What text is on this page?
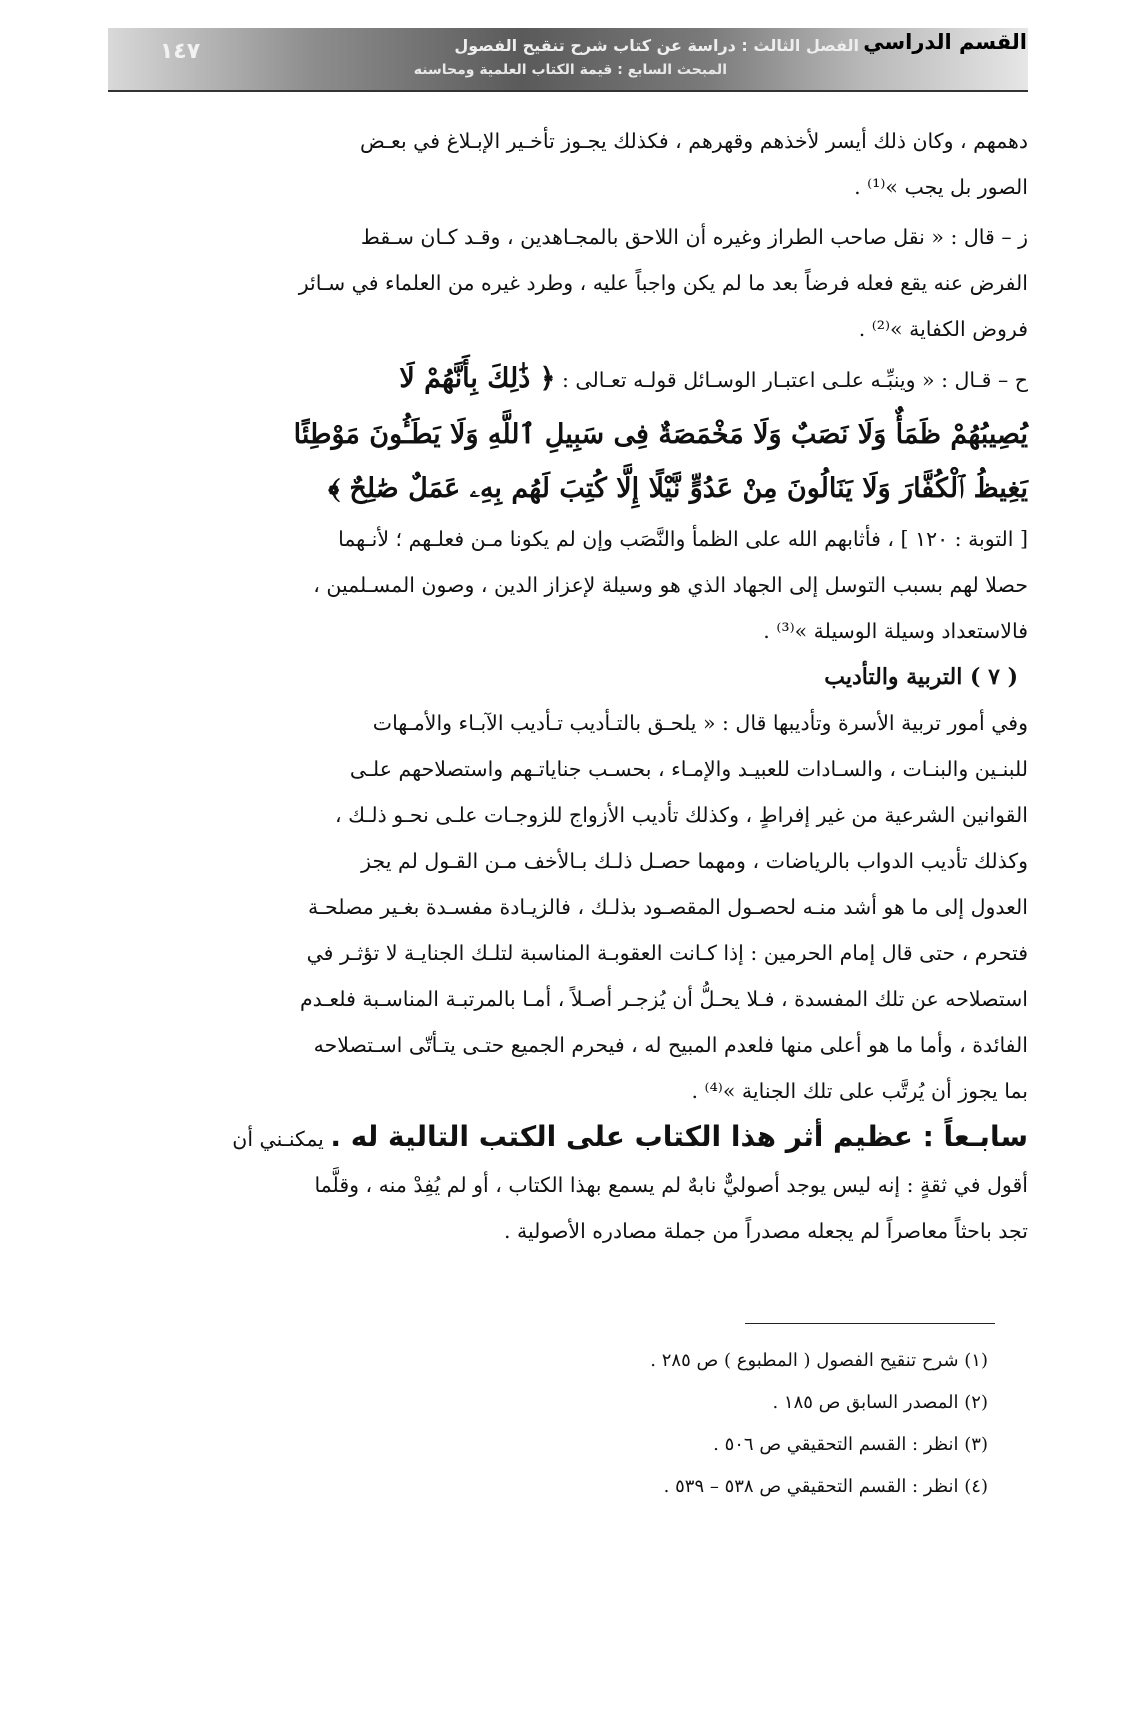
١٤٧	القسم الدراسي
الفصل الثالث : دراسة عن كتاب شرح تنقيح الفصول
المبحث السابع : قيمة الكتاب العلمية ومحاسنه

دهمهم ، وكان ذلك أيسر لأخذهم وقهرهم ، فكذلك يجـوز تأخـير الإبـلاغ في بعـض

الصور بل يجب »⁽¹⁾ .

ز – قال : « نقل صاحب الطراز وغيره أن اللاحق بالمجـاهدين ، وقـد كـان سـقط

الفرض عنه يقع فعله فرضاً بعد ما لم يكن واجباً عليه ، وطرد غيره من العلماء في سـائر

فروض الكفاية »⁽²⁾ .

ح – قـال : « وينبِّـه علـى اعتبـار الوسـائل قولـه تعـالى : ﴿ ذَٰلِكَ بِأَنَّهُمْ لَا

يُصِيبُهُمْ ظَمَأٌ وَلَا نَصَبٌ وَلَا مَخْمَصَةٌ فِى سَبِيلِ ٱللَّهِ وَلَا يَطَـُٔونَ مَوْطِئًا

يَغِيظُ ٱلْكُفَّارَ وَلَا يَنَالُونَ مِنْ عَدُوٍّ نَّيْلًا إِلَّا كُتِبَ لَهُم بِهِۦ عَمَلٌ صَٰلِحٌ ﴾

[ التوبة : ١٢٠ ] ، فأثابهم الله على الظمأ والنَّصَب وإن لم يكونا مـن فعلـهم ؛ لأنـهما

حصلا لهم بسبب التوسل إلى الجهاد الذي هو وسيلة لإعزاز الدين ، وصون المسـلمين ،

فالاستعداد وسيلة الوسيلة »⁽³⁾ .

( ٧ ) التربية والتأديب

وفي أمور تربية الأسرة وتأديبها قال : « يلحـق بالتـأديب تـأديب الآبـاء والأمـهات

للبنـين والبنـات ، والسـادات للعبيـد والإمـاء ، بحسـب جناياتـهم واستصلاحهم علـى

القوانين الشرعية من غير إفراطٍ ، وكذلك تأديب الأزواج للزوجـات علـى نحـو ذلـك ،

وكذلك تأديب الدواب بالرياضات ، ومهما حصـل ذلـك بـالأخف مـن القـول لم يجز

العدول إلى ما هو أشد منـه لحصـول المقصـود بذلـك ، فالزيـادة مفسـدة بغـير مصلحـة

فتحرم ، حتى قال إمام الحرمين : إذا كـانت العقوبـة المناسبة لتلـك الجنايـة لا تؤثـر في

استصلاحه عن تلك المفسدة ، فـلا يحـلُّ أن يُزجـر أصـلاً ، أمـا بالمرتبـة المناسـبة فلعـدم

الفائدة ، وأما ما هو أعلى منها فلعدم المبيح له ، فيحرم الجميع حتـى يتـأتّى اسـتصلاحه

بما يجوز أن يُرتَّب على تلك الجناية »⁽⁴⁾ .

سابـعاً : عظيم أثر هذا الكتاب على الكتب التالية له . يمكنـني أن

أقول في ثقةٍ : إنه ليس يوجد أصوليٌّ نابهٌ لم يسمع بهذا الكتاب ، أو لم يُفِدْ منه ، وقلَّما

تجد باحثاً معاصراً لم يجعله مصدراً من جملة مصادره الأصولية .

(١) شرح تنقيح الفصول ( المطبوع ) ص ٢٨٥ .

(٢) المصدر السابق ص ١٨٥ .

(٣) انظر : القسم التحقيقي ص ٥٠٦ .

(٤) انظر : القسم التحقيقي ص ٥٣٨ – ٥٣٩ .
